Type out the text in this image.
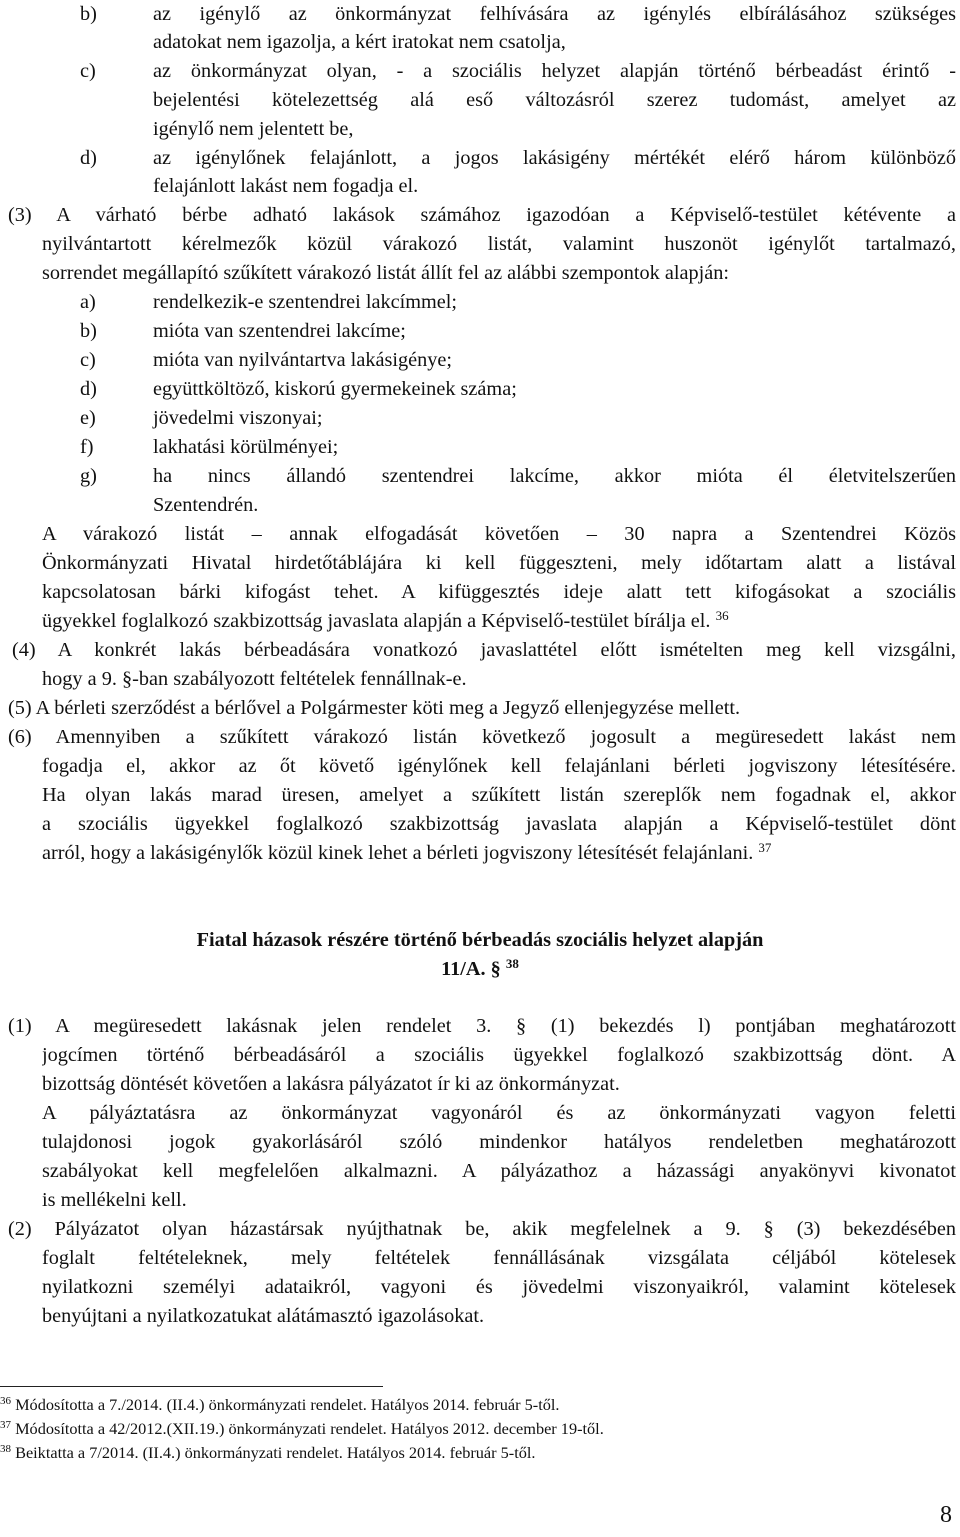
b)	az igénylő az önkormányzat felhívására az igénylés elbírálásához szükséges
adatokat nem igazolja, a kért iratokat nem csatolja,
c)	az önkormányzat olyan, - a szociális helyzet alapján történő bérbeadást érintő -
bejelentési kötelezettség alá eső változásról szerez tudomást, amelyet az
igénylő nem jelentett be,
d)	az igénylőnek felajánlott, a jogos lakásigény mértékét elérő három különböző
felajánlott lakást nem fogadja el.
(3) A várható bérbe adható lakások számához igazodóan a Képviselő-testület kétévente a
nyilvántartott kérelmezők közül várakozó listát, valamint huszonöt igénylőt tartalmazó,
sorrendet megállapító szűkített várakozó listát állít fel az alábbi szempontok alapján:
a)	rendelkezik-e szentendrei lakcímmel;
b)	mióta van szentendrei lakcíme;
c)	mióta van nyilvántartva lakásigénye;
d)	együttköltöző, kiskorú gyermekeinek száma;
e)	jövedelmi viszonyai;
f)	lakhatási körülményei;
g)	ha nincs állandó szentendrei lakcíme, akkor mióta él életvitelszerűen
Szentendrén.
A várakozó listát – annak elfogadását követően – 30 napra a Szentendrei Közös
Önkormányzati Hivatal hirdetőtáblájára ki kell függeszteni, mely időtartam alatt a listával
kapcsolatosan bárki kifogást tehet. A kifüggesztés ideje alatt tett kifogásokat a szociális
ügyekkel foglalkozó szakbizottság javaslata alapján a Képviselő-testület bírálja el. $^{36}$
(4) A konkrét lakás bérbeadására vonatkozó javaslattétel előtt ismételten meg kell vizsgálni,
hogy a 9. §-ban szabályozott feltételek fennállnak-e.
(5) A bérleti szerződést a bérlővel a Polgármester köti meg a Jegyző ellenjegyzése mellett.
(6) Amennyiben a szűkített várakozó listán következő jogosult a megüresedett lakást nem
fogadja el, akkor az őt követő igénylőnek kell felajánlani bérleti jogviszony létesítésére.
Ha olyan lakás marad üresen, amelyet a szűkített listán szereplők nem fogadnak el, akkor
a szociális ügyekkel foglalkozó szakbizottság javaslata alapján a Képviselő-testület dönt
arról, hogy a lakásigénylők közül kinek lehet a bérleti jogviszony létesítését felajánlani. $^{37}$
Fiatal házasok részére történő bérbeadás szociális helyzet alapján
11/A. § $^{38}$
(1) A megüresedett lakásnak jelen rendelet 3. § (1) bekezdés l) pontjában meghatározott
jogcímen történő bérbeadásáról a szociális ügyekkel foglalkozó szakbizottság dönt. A
bizottság döntését követően a lakásra pályázatot ír ki az önkormányzat.
A pályáztatásra az önkormányzat vagyonáról és az önkormányzati vagyon feletti
tulajdonosi jogok gyakorlásáról szóló mindenkor hatályos rendeletben meghatározott
szabályokat kell megfelelően alkalmazni. A pályázathoz a házassági anyakönyvi kivonatot
is mellékelni kell.
(2) Pályázatot olyan házastársak nyújthatnak be, akik megfelelnek a 9. § (3) bekezdésében
foglalt feltételeknek, mely feltételek fennállásának vizsgálata céljából kötelesek
nyilatkozni személyi adataikról, vagyoni és jövedelmi viszonyaikról, valamint kötelesek
benyújtani a nyilatkozatukat alátámasztó igazolásokat.
$^{36}$ Módosította a 7./2014. (II.4.) önkormányzati rendelet. Hatályos 2014. február 5-től.
$^{37}$ Módosította a 42/2012.(XII.19.) önkormányzati rendelet. Hatályos 2012. december 19-től.
$^{38}$ Beiktatta a 7/2014. (II.4.) önkormányzati rendelet. Hatályos 2014. február 5-től.
8
